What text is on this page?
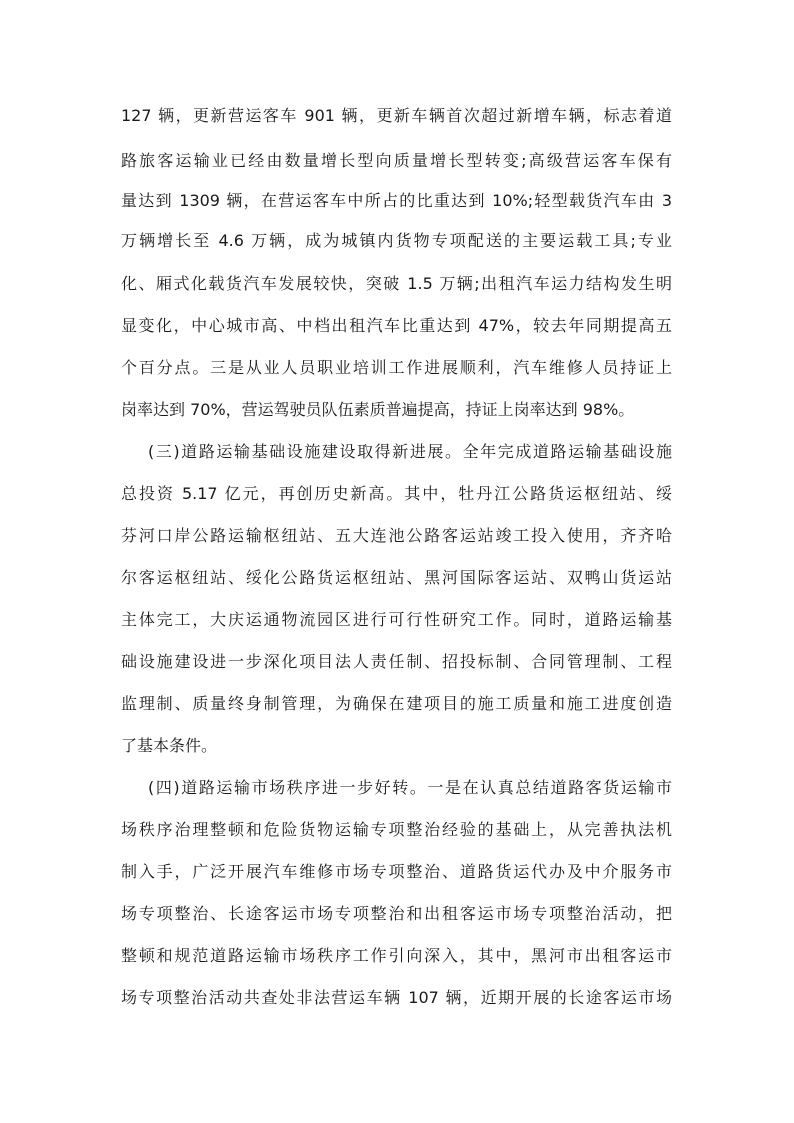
127 辆，更新营运客车 901 辆，更新车辆首次超过新增车辆，标志着道
路旅客运输业已经由数量增长型向质量增长型转变;高级营运客车保有
量达到 1309 辆，在营运客车中所占的比重达到 10%;轻型载货汽车由 3
万辆增长至 4.6 万辆，成为城镇内货物专项配送的主要运载工具;专业
化、厢式化载货汽车发展较快，突破 1.5 万辆;出租汽车运力结构发生明
显变化，中心城市高、中档出租汽车比重达到 47%，较去年同期提高五
个百分点。三是从业人员职业培训工作进展顺利，汽车维修人员持证上
岗率达到 70%，营运驾驶员队伍素质普遍提高，持证上岗率达到 98%。
(三)道路运输基础设施建设取得新进展。全年完成道路运输基础设施
总投资 5.17 亿元，再创历史新高。其中，牡丹江公路货运枢纽站、绥
芬河口岸公路运输枢纽站、五大连池公路客运站竣工投入使用，齐齐哈
尔客运枢纽站、绥化公路货运枢纽站、黑河国际客运站、双鸭山货运站
主体完工，大庆运通物流园区进行可行性研究工作。同时，道路运输基
础设施建设进一步深化项目法人责任制、招投标制、合同管理制、工程
监理制、质量终身制管理，为确保在建项目的施工质量和施工进度创造
了基本条件。
(四)道路运输市场秩序进一步好转。一是在认真总结道路客货运输市
场秩序治理整顿和危险货物运输专项整治经验的基础上，从完善执法机
制入手，广泛开展汽车维修市场专项整治、道路货运代办及中介服务市
场专项整治、长途客运市场专项整治和出租客运市场专项整治活动，把
整顿和规范道路运输市场秩序工作引向深入，其中，黑河市出租客运市
场专项整治活动共查处非法营运车辆 107 辆，近期开展的长途客运市场
